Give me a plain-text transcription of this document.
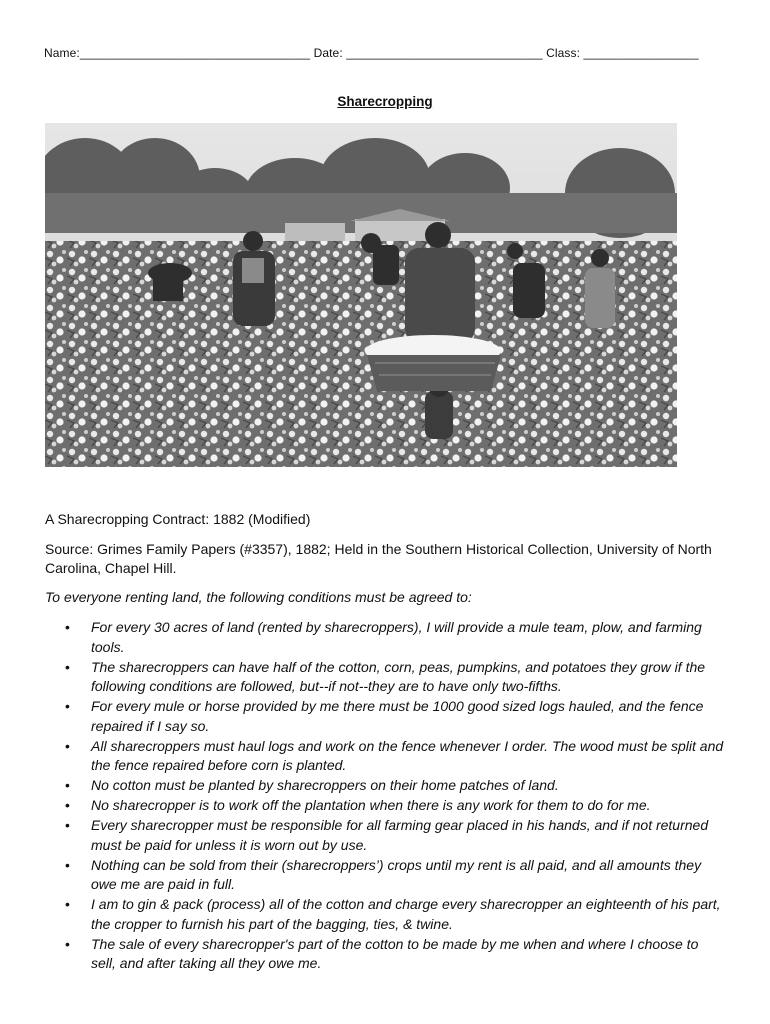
Name:__________________________________ Date: _____________________________ Class: _________________
Sharecropping
A Sharecropping Contract: 1882 (Modified)
Source: Grimes Family Papers (#3357), 1882; Held in the Southern Historical Collection, University of North Carolina, Chapel Hill.
To everyone renting land, the following conditions must be agreed to:
• For every 30 acres of land (rented by sharecroppers), I will provide a mule team, plow, and farming tools.
• The sharecroppers can have half of the cotton, corn, peas, pumpkins, and potatoes they grow if the following conditions are followed, but--if not--they are to have only two-fifths.
• For every mule or horse provided by me there must be 1000 good sized logs hauled, and the fence repaired if I say so.
• All sharecroppers must haul logs and work on the fence whenever I order. The wood must be split and the fence repaired before corn is planted.
• No cotton must be planted by sharecroppers on their home patches of land.
• No sharecropper is to work off the plantation when there is any work for them to do for me.
• Every sharecropper must be responsible for all farming gear placed in his hands, and if not returned must be paid for unless it is worn out by use.
• Nothing can be sold from their (sharecroppers’) crops until my rent is all paid, and all amounts they owe me are paid in full.
• I am to gin & pack (process) all of the cotton and charge every sharecropper an eighteenth of his part, the cropper to furnish his part of the bagging, ties, & twine.
• The sale of every sharecropper's part of the cotton to be made by me when and where I choose to sell, and after taking all they owe me.
